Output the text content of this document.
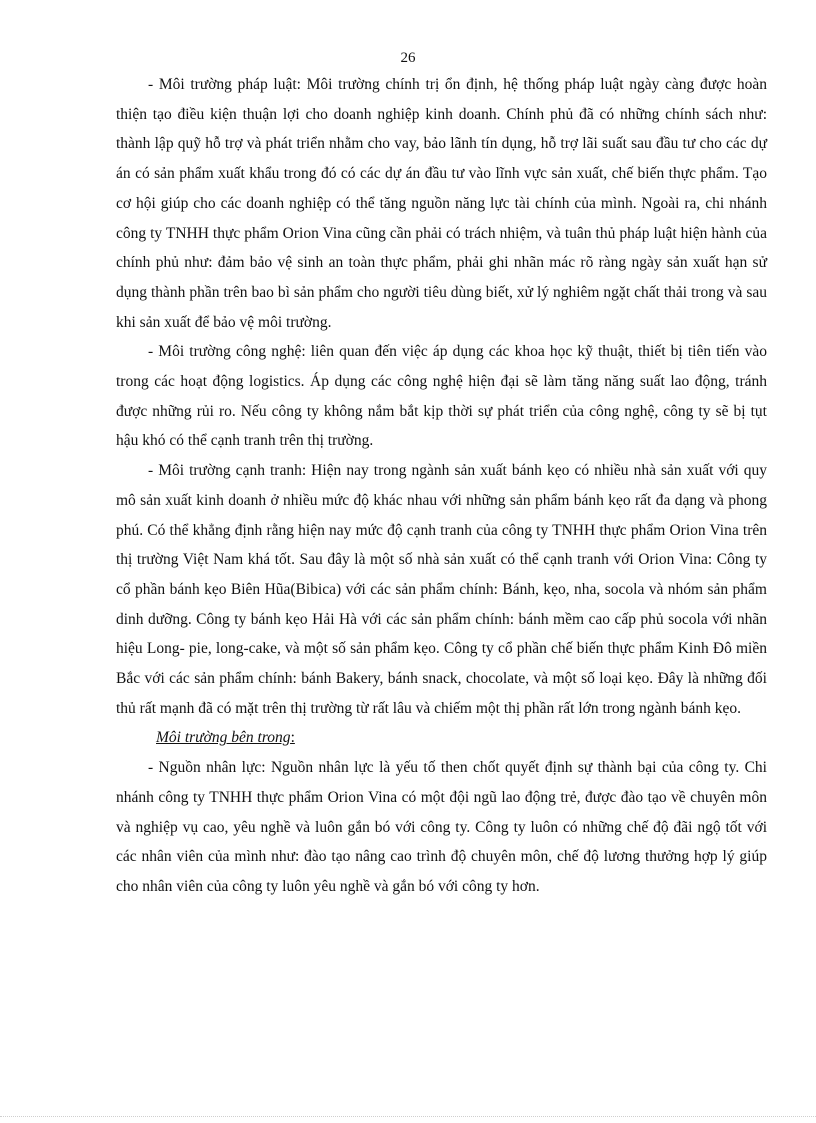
26

- Môi trường pháp luật: Môi trường chính trị ổn định, hệ thống pháp luật ngày càng được hoàn thiện tạo điều kiện thuận lợi cho doanh nghiệp kinh doanh. Chính phủ đã có những chính sách như: thành lập quỹ hỗ trợ và phát triển nhằm cho vay, bảo lãnh tín dụng, hỗ trợ lãi suất sau đầu tư cho các dự án có sản phẩm xuất khẩu trong đó có các dự án đầu tư vào lĩnh vực sản xuất, chế biến thực phẩm. Tạo cơ hội giúp cho các doanh nghiệp có thể tăng nguồn năng lực tài chính của mình. Ngoài ra, chi nhánh công ty TNHH thực phẩm Orion Vina cũng cần phải có trách nhiệm, và tuân thủ pháp luật hiện hành của chính phủ như: đảm bảo vệ sinh an toàn thực phẩm, phải ghi nhãn mác rõ ràng ngày sản xuất hạn sử dụng thành phần trên bao bì sản phẩm cho người tiêu dùng biết, xử lý nghiêm ngặt chất thải trong và sau khi sản xuất để bảo vệ môi trường.

- Môi trường công nghệ: liên quan đến việc áp dụng các khoa học kỹ thuật, thiết bị tiên tiến vào trong các hoạt động logistics. Áp dụng các công nghệ hiện đại sẽ làm tăng năng suất lao động, tránh được những rủi ro. Nếu công ty không nắm bắt kịp thời sự phát triển của công nghệ, công ty sẽ bị tụt hậu khó có thể cạnh tranh trên thị trường.

- Môi trường cạnh tranh: Hiện nay trong ngành sản xuất bánh kẹo có nhiều nhà sản xuất với quy mô sản xuất kinh doanh ở nhiều mức độ khác nhau với những sản phẩm bánh kẹo rất đa dạng và phong phú. Có thể khẳng định rằng hiện nay mức độ cạnh tranh của công ty TNHH thực phẩm Orion Vina trên thị trường Việt Nam khá tốt. Sau đây là một số nhà sản xuất có thể cạnh tranh với Orion Vina: Công ty cổ phần bánh kẹo Biên Hũa(Bibica) với các sản phẩm chính: Bánh, kẹo, nha, socola và nhóm sản phẩm dinh dưỡng. Công ty bánh kẹo Hải Hà với các sản phẩm chính: bánh mềm cao cấp phủ socola với nhãn hiệu Long- pie, long-cake, và một số sản phẩm kẹo. Công ty cổ phần chế biến thực phẩm Kinh Đô miền Bắc với các sản phẩm chính: bánh Bakery, bánh snack, chocolate, và một số loại kẹo. Đây là những đối thủ rất mạnh đã có mặt trên thị trường từ rất lâu và chiếm một thị phần rất lớn trong ngành bánh kẹo.

Môi trường bên trong:

- Nguồn nhân lực: Nguồn nhân lực là yếu tố then chốt quyết định sự thành bại của công ty. Chi nhánh công ty TNHH thực phẩm Orion Vina có một đội ngũ lao động trẻ, được đào tạo về chuyên môn và nghiệp vụ cao, yêu nghề và luôn gắn bó với công ty. Công ty luôn có những chế độ đãi ngộ tốt với các nhân viên của mình như: đào tạo nâng cao trình độ chuyên môn, chế độ lương thưởng hợp lý giúp cho nhân viên của công ty luôn yêu nghề và gắn bó với công ty hơn.
